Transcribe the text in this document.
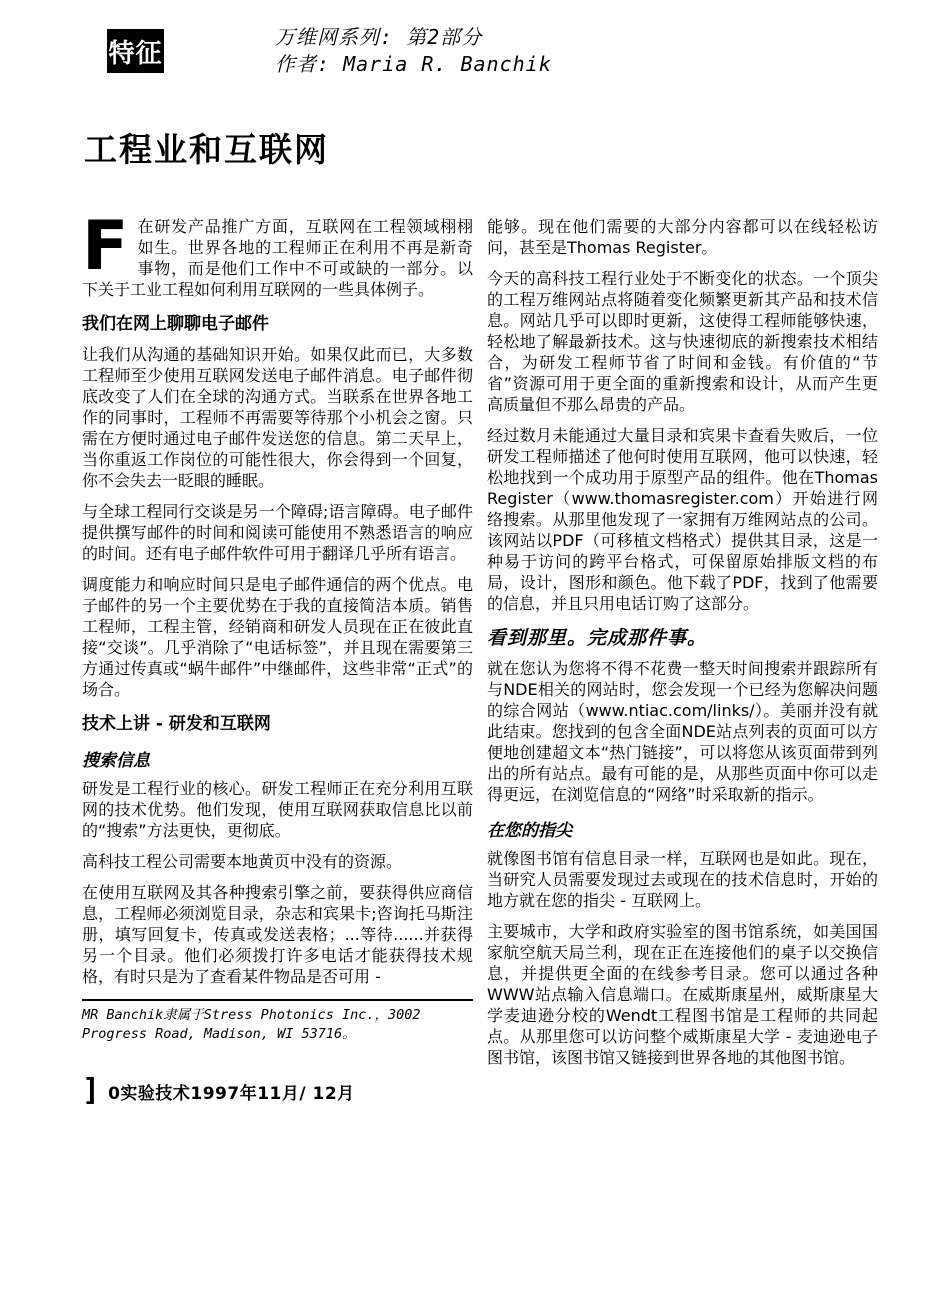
特征
万维网系列: 第2部分
作者: Maria R. Banchik
工程业和互联网

F在研发产品推广方面，互联网在工程领域栩栩如生。世界各地的工程师正在利用不再是新奇事物，而是他们工作中不可或缺的一部分。以下关于工业工程如何利用互联网的一些具体例子。

我们在网上聊聊电子邮件

让我们从沟通的基础知识开始。如果仅此而已，大多数工程师至少使用互联网发送电子邮件消息。电子邮件彻底改变了人们在全球的沟通方式。当联系在世界各地工作的同事时，工程师不再需要等待那个小机会之窗。只需在方便时通过电子邮件发送您的信息。第二天早上，当你重返工作岗位的可能性很大，你会得到一个回复，你不会失去一眨眼的睡眠。

与全球工程同行交谈是另一个障碍;语言障碍。电子邮件提供撰写邮件的时间和阅读可能使用不熟悉语言的响应的时间。还有电子邮件软件可用于翻译几乎所有语言。

调度能力和响应时间只是电子邮件通信的两个优点。电子邮件的另一个主要优势在于我的直接简洁本质。销售工程师，工程主管，经销商和研发人员现在正在彼此直接“交谈”。几乎消除了“电话标签”，并且现在需要第三方通过传真或“蜗牛邮件”中继邮件，这些非常“正式”的场合。

技术上讲 - 研发和互联网
搜索信息

研发是工程行业的核心。研发工程师正在充分利用互联网的技术优势。他们发现，使用互联网获取信息比以前的“搜索”方法更快，更彻底。

高科技工程公司需要本地黄页中没有的资源。

在使用互联网及其各种搜索引擎之前，要获得供应商信息，工程师必须浏览目录，杂志和宾果卡;咨询托马斯注册，填写回复卡，传真或发送表格；...等待......并获得另一个目录。他们必须拨打许多电话才能获得技术规格，有时只是为了查看某件物品是否可用 -

MR Banchik隶属于Stress Photonics Inc.，3002 Progress Road, Madison, WI 53716。
] 0实验技术1997年11月/ 12月

能够。现在他们需要的大部分内容都可以在线轻松访问，甚至是Thomas Register。

今天的高科技工程行业处于不断变化的状态。一个顶尖的工程万维网站点将随着变化频繁更新其产品和技术信息。网站几乎可以即时更新，这使得工程师能够快速，轻松地了解最新技术。这与快速彻底的新搜索技术相结合，为研发工程师节省了时间和金钱。有价值的“节省”资源可用于更全面的重新搜索和设计，从而产生更高质量但不那么昂贵的产品。

经过数月未能通过大量目录和宾果卡查看失败后，一位研发工程师描述了他何时使用互联网，他可以快速，轻松地找到一个成功用于原型产品的组件。他在Thomas Register（www.thomasregister.com）开始进行网络搜索。从那里他发现了一家拥有万维网站点的公司。该网站以PDF（可移植文档格式）提供其目录，这是一种易于访问的跨平台格式，可保留原始排版文档的布局，设计，图形和颜色。他下载了PDF，找到了他需要的信息，并且只用电话订购了这部分。

看到那里。完成那件事。

就在您认为您将不得不花费一整天时间搜索并跟踪所有与NDE相关的网站时，您会发现一个已经为您解决问题的综合网站（www.ntiac.com/links/）。美丽并没有就此结束。您找到的包含全面NDE站点列表的页面可以方便地创建超文本“热门链接”，可以将您从该页面带到列出的所有站点。最有可能的是，从那些页面中你可以走得更远，在浏览信息的“网络”时采取新的指示。

在您的指尖

就像图书馆有信息目录一样，互联网也是如此。现在，当研究人员需要发现过去或现在的技术信息时，开始的地方就在您的指尖 - 互联网上。

主要城市，大学和政府实验室的图书馆系统，如美国国家航空航天局兰利，现在正在连接他们的桌子以交换信息，并提供更全面的在线参考目录。您可以通过各种WWW站点输入信息端口。在威斯康星州，威斯康星大学麦迪逊分校的Wendt工程图书馆是工程师的共同起点。从那里您可以访问整个威斯康星大学 - 麦迪逊电子图书馆，该图书馆又链接到世界各地的其他图书馆。
